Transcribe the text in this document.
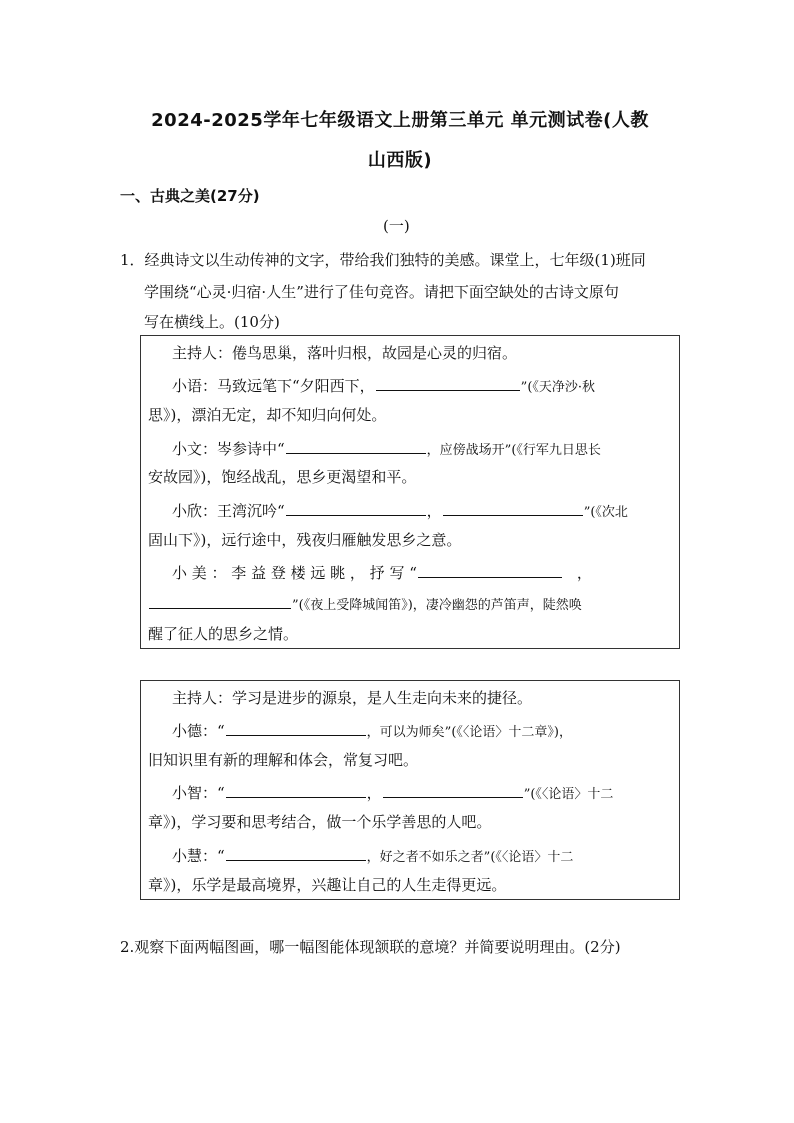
2024-2025学年七年级语文上册第三单元 单元测试卷(人教
山西版)
一、古典之美(27分)
(一)
1．经典诗文以生动传神的文字，带给我们独特的美感。课堂上，七年级(1)班同
学围绕“心灵·归宿·人生”进行了佳句竞咨。请把下面空缺处的古诗文原句
写在横线上。(10分)
主持人：倦鸟思巢，落叶归根，故园是心灵的归宿。
小语：马致远笔下“夕阳西下，	”(《天净沙·秋
思》)，漂泊无定，却不知归向何处。
小文：岑参诗中“	，应傍战场开”(《行军九日思长
安故园》)，饱经战乱，思乡更渴望和平。
小欣：王湾沉吟“	，	”(《次北
固山下》)，远行途中，残夜归雁触发思乡之意。
小 美 ： 李 益 登 楼 远 眺 ， 抒 写 “	，
”(《夜上受降城闻笛》)，凄冷幽怨的芦笛声，陡然唤
醒了征人的思乡之情。
主持人：学习是进步的源泉，是人生走向未来的捷径。
小德：“	，可以为师矣”(《〈论语〉十二章》)，
旧知识里有新的理解和体会，常复习吧。
小智：“	，	”(《〈论语〉十二
章》)，学习要和思考结合，做一个乐学善思的人吧。
小慧：“	，好之者不如乐之者”(《〈论语〉十二
章》)，乐学是最高境界，兴趣让自己的人生走得更远。
2.观察下面两幅图画，哪一幅图能体现颔联的意境？并简要说明理由。(2分)
